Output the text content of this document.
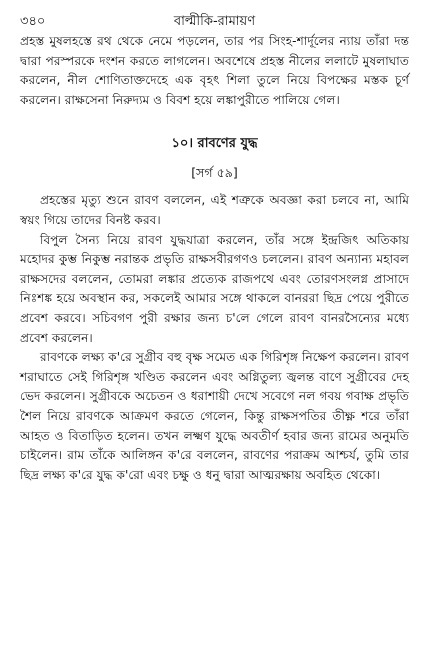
৩৪০	বাল্মীকি-রামায়ণ

প্রহস্ত মুষলহস্তে রথ থেকে নেমে পড়লেন, তার পর সিংহ-শার্দূলের ন্যায় তাঁরা দন্ত দ্বারা পরস্পরকে দংশন করতে লাগলেন। অবশেষে প্রহস্ত নীলের ললাটে মুষলাঘাত করলেন, নীল শোণিতাক্তদেহে এক বৃহৎ শিলা তুলে নিয়ে বিপক্ষের মস্তক চূর্ণ করলেন। রাক্ষসেনা নিরুদ্যম ও বিবশ হয়ে লঙ্কাপুরীতে পালিয়ে গেল।

১০। রাবণের যুদ্ধ
[সর্গ ৫৯]

প্রহস্তের মৃত্যু শুনে রাবণ বললেন, এই শত্রুকে অবজ্ঞা করা চলবে না, আমি স্বয়ং গিয়ে তাদের বিনষ্ট করব।

বিপুল সৈন্য নিয়ে রাবণ যুদ্ধযাত্রা করলেন, তাঁর সঙ্গে ইন্দ্রজিৎ অতিকায় মহোদর কুম্ভ নিকুম্ভ নরান্তক প্রভৃতি রাক্ষসবীরগণও চললেন। রাবণ অন্যান্য মহাবল রাক্ষসদের বললেন, তোমরা লঙ্কার প্রত্যেক রাজপথে এবং তোরণসংলগ্ন প্রাসাদে নিঃশঙ্ক হয়ে অবস্থান কর, সকলেই আমার সঙ্গে থাকলে বানররা ছিদ্র পেয়ে পুরীতে প্রবেশ করবে। সচিবগণ পুরী রক্ষার জন্য চ'লে গেলে রাবণ বানরসৈন্যের মধ্যে প্রবেশ করলেন।

রাবণকে লক্ষ্য ক'রে সুগ্রীব বহু বৃক্ষ সমেত এক গিরিশৃঙ্গ নিক্ষেপ করলেন। রাবণ শরাঘাতে সেই গিরিশৃঙ্গ খণ্ডিত করলেন এবং অগ্নিতুল্য জ্বলন্ত বাণে সুগ্রীবের দেহ ভেদ করলেন। সুগ্রীবকে অচেতন ও ধরাশায়ী দেখে সবেগে নল গবয় গবাক্ষ প্রভৃতি শৈল নিয়ে রাবণকে আক্রমণ করতে গেলেন, কিন্তু রাক্ষসপতির তীক্ষ্ণ শরে তাঁরা আহত ও বিতাড়িত হলেন। তখন লক্ষ্মণ যুদ্ধে অবতীর্ণ হবার জন্য রামের অনুমতি চাইলেন। রাম তাঁকে আলিঙ্গন ক'রে বললেন, রাবণের পরাক্রম আশ্চর্য, তুমি তার ছিদ্র লক্ষ্য ক'রে যুদ্ধ ক'রো এবং চক্ষু ও ধনু দ্বারা আত্মরক্ষায় অবহিত থেকো।
